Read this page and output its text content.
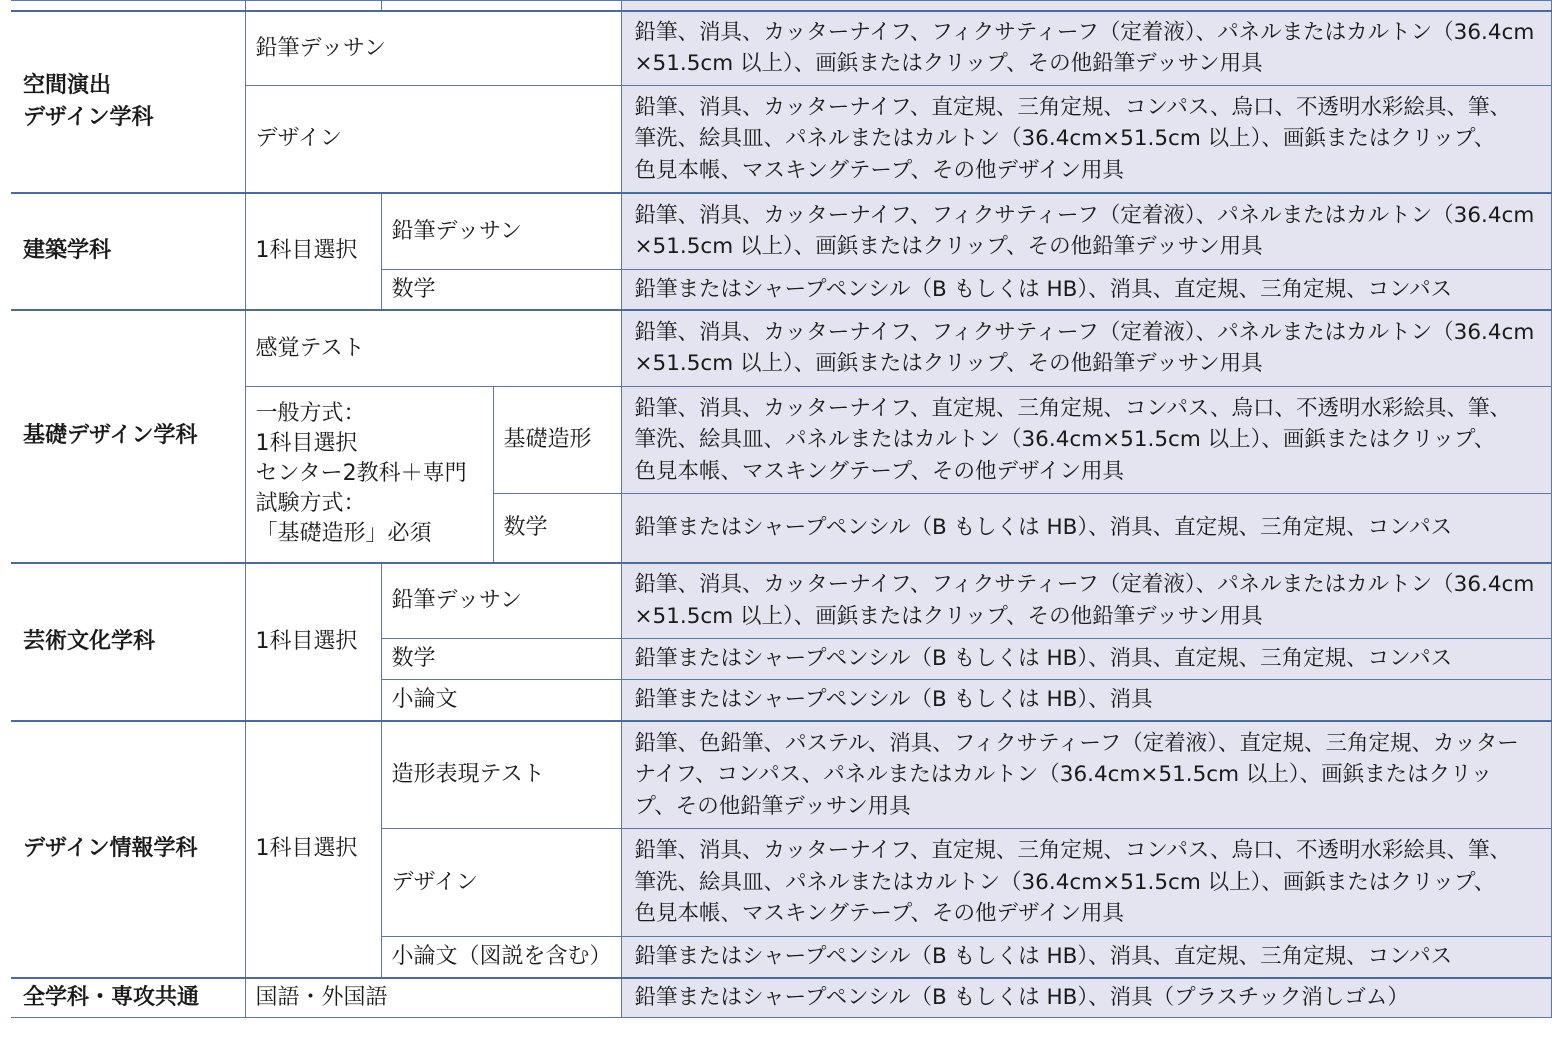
空間演出
デザイン学科	鉛筆デッサン			鉛筆、消具、カッターナイフ、フィクサティーフ（定着液）、パネルまたはカルトン（36.4cm
×51.5cm 以上）、画鋲またはクリップ、その他鉛筆デッサン用具

	デザイン			鉛筆、消具、カッターナイフ、直定規、三角定規、コンパス、烏口、不透明水彩絵具、筆、
筆洗、絵具皿、パネルまたはカルトン（36.4cm×51.5cm 以上）、画鋲またはクリップ、
色見本帳、マスキングテープ、その他デザイン用具

建築学科	1科目選択	鉛筆デッサン		鉛筆、消具、カッターナイフ、フィクサティーフ（定着液）、パネルまたはカルトン（36.4cm
×51.5cm 以上）、画鋲またはクリップ、その他鉛筆デッサン用具

		数学		鉛筆またはシャープペンシル（B もしくは HB）、消具、直定規、三角定規、コンパス
基礎デザイン学科	感覚テスト			鉛筆、消具、カッターナイフ、フィクサティーフ（定着液）、パネルまたはカルトン（36.4cm
×51.5cm 以上）、画鋲またはクリップ、その他鉛筆デッサン用具

	一般方式：
1科目選択
センター2教科＋専門
試験方式：
「基礎造形」必須		基礎造形	鉛筆、消具、カッターナイフ、直定規、三角定規、コンパス、烏口、不透明水彩絵具、筆、
筆洗、絵具皿、パネルまたはカルトン（36.4cm×51.5cm 以上）、画鋲またはクリップ、
色見本帳、マスキングテープ、その他デザイン用具

			数学	鉛筆またはシャープペンシル（B もしくは HB）、消具、直定規、三角定規、コンパス
芸術文化学科	1科目選択	鉛筆デッサン		鉛筆、消具、カッターナイフ、フィクサティーフ（定着液）、パネルまたはカルトン（36.4cm
×51.5cm 以上）、画鋲またはクリップ、その他鉛筆デッサン用具

		数学		鉛筆またはシャープペンシル（B もしくは HB）、消具、直定規、三角定規、コンパス
		小論文		鉛筆またはシャープペンシル（B もしくは HB）、消具
デザイン情報学科	1科目選択	造形表現テスト		鉛筆、色鉛筆、パステル、消具、フィクサティーフ（定着液）、直定規、三角定規、カッター
ナイフ、コンパス、パネルまたはカルトン（36.4cm×51.5cm 以上）、画鋲またはクリッ
プ、その他鉛筆デッサン用具

		デザイン		鉛筆、消具、カッターナイフ、直定規、三角定規、コンパス、烏口、不透明水彩絵具、筆、
筆洗、絵具皿、パネルまたはカルトン（36.4cm×51.5cm 以上）、画鋲またはクリップ、
色見本帳、マスキングテープ、その他デザイン用具

		小論文（図説を含む）		鉛筆またはシャープペンシル（B もしくは HB）、消具、直定規、三角定規、コンパス
全学科・専攻共通	国語・外国語			鉛筆またはシャープペンシル（B もしくは HB）、消具（プラスチック消しゴム）
